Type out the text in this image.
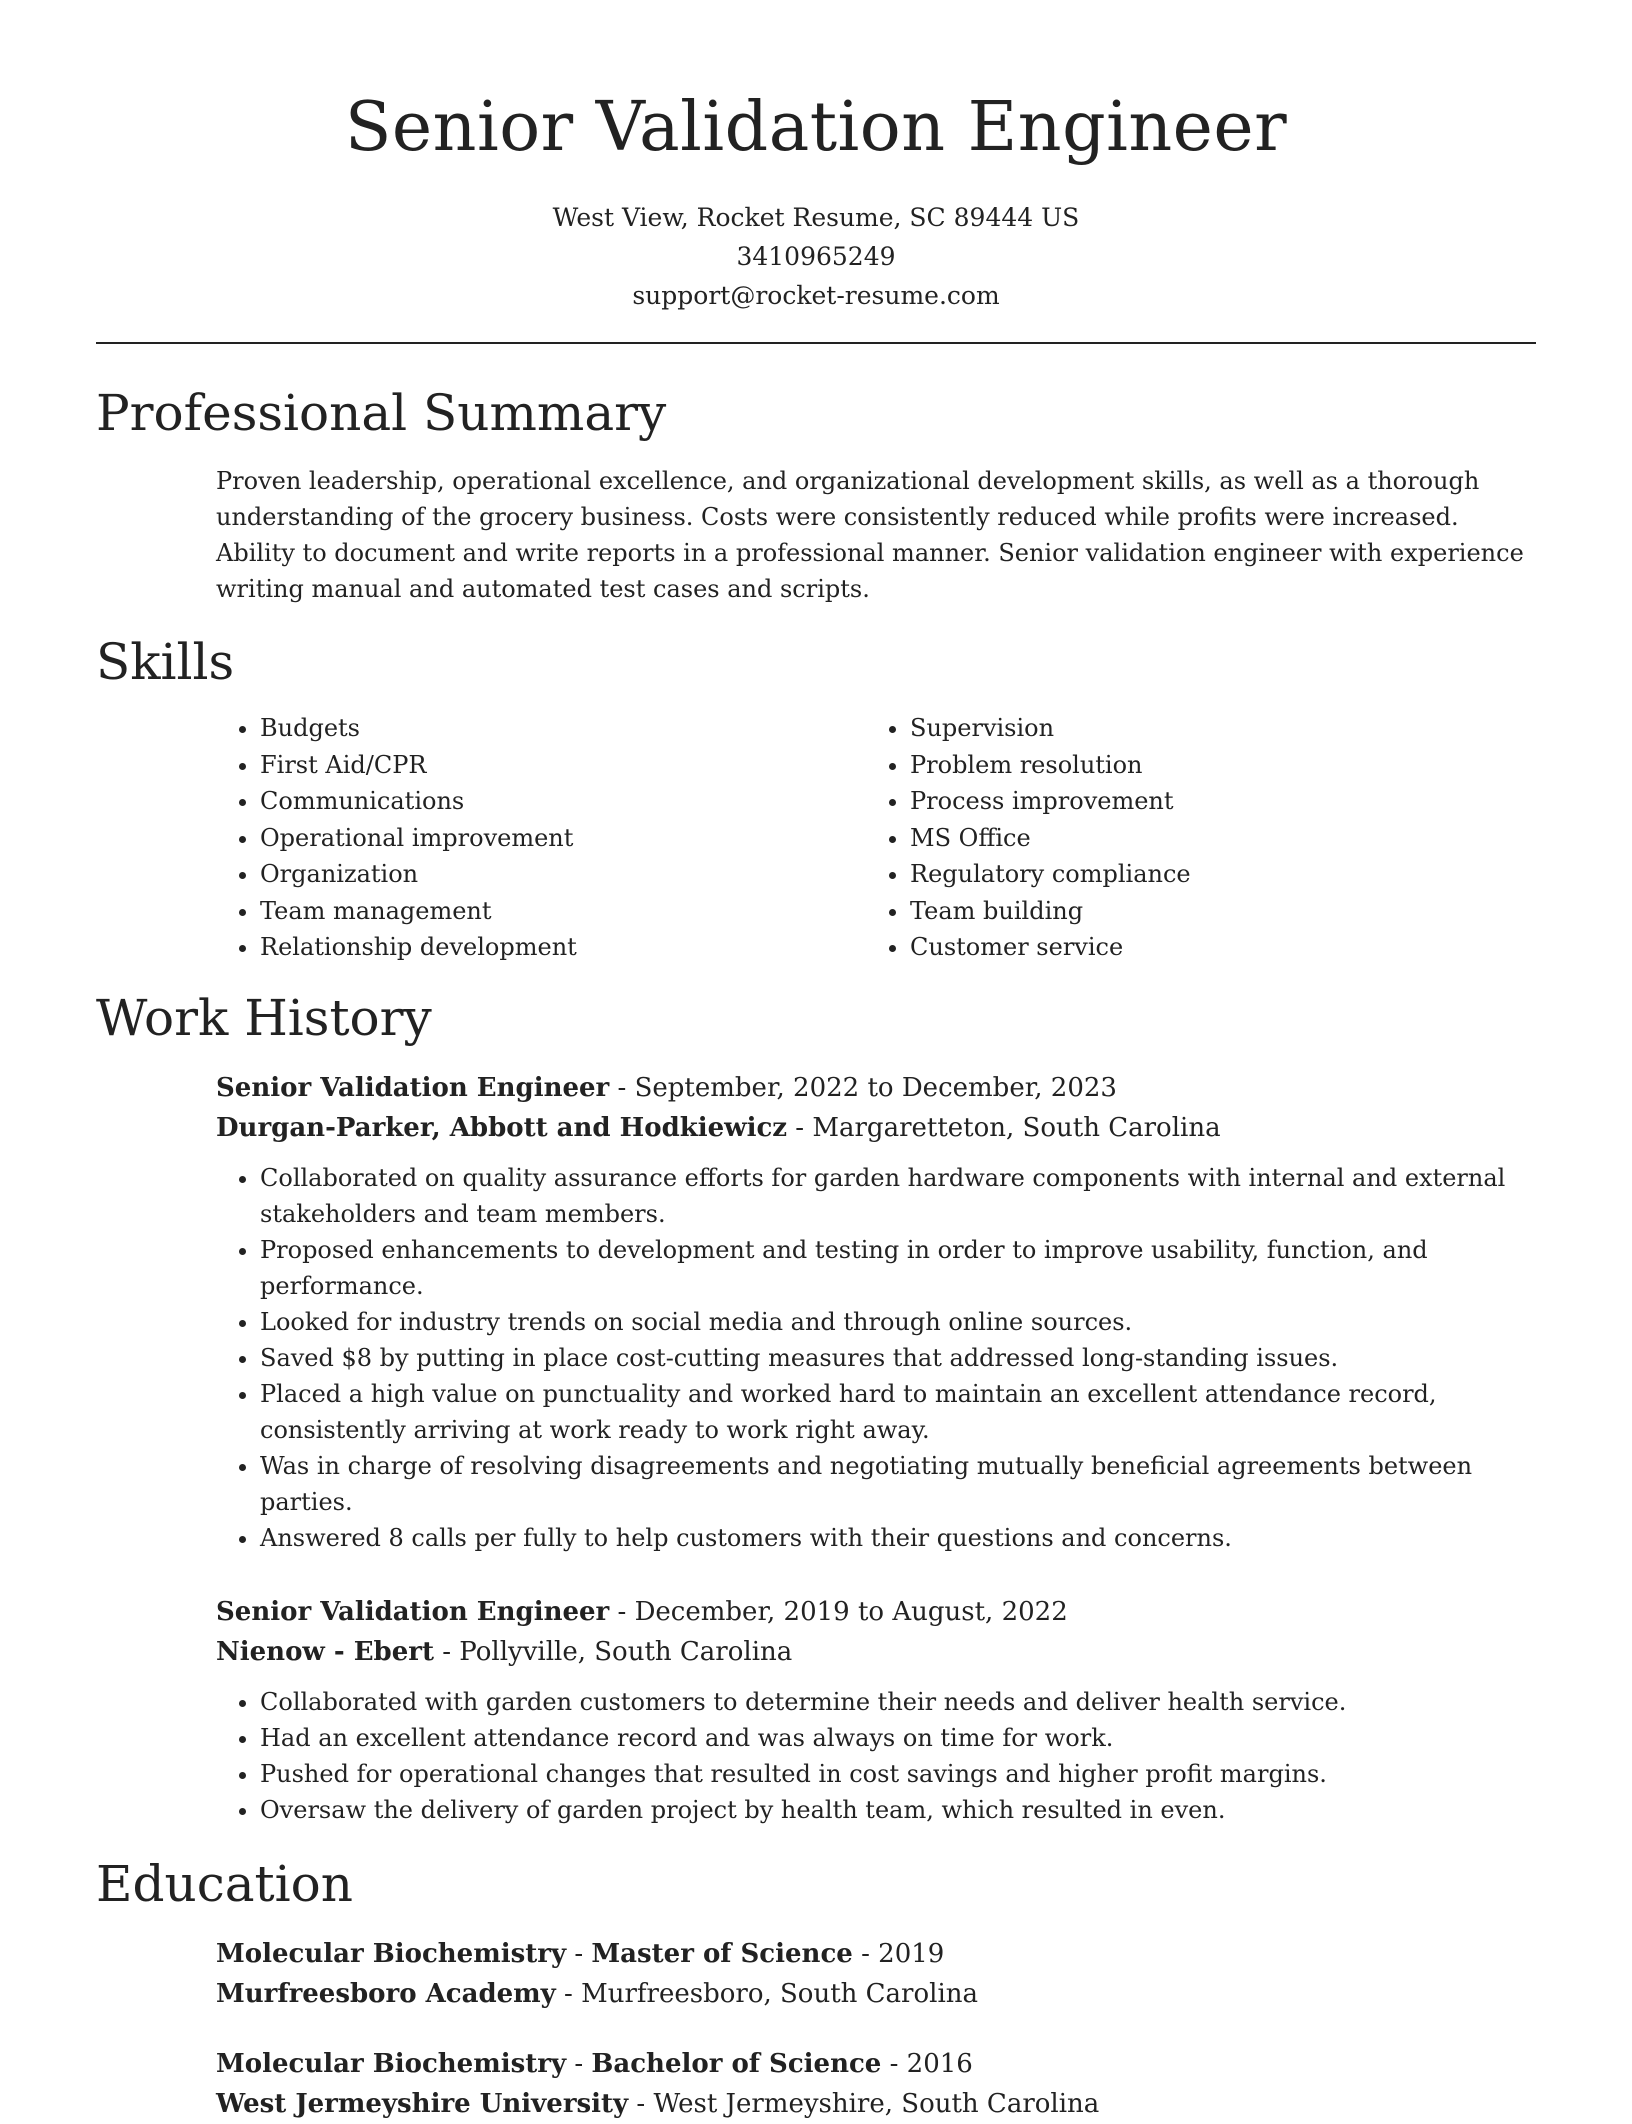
Senior Validation Engineer
West View, Rocket Resume, SC 89444 US
3410965249
support@rocket-resume.com
Professional Summary

Proven leadership, operational excellence, and organizational development skills, as well as a thorough understanding of the grocery business. Costs were consistently reduced while profits were increased. Ability to document and write reports in a professional manner. Senior validation engineer with experience writing manual and automated test cases and scripts.

Skills
• Budgets
• First Aid/CPR
• Communications
• Operational improvement
• Organization
• Team management
• Relationship development
• Supervision
• Problem resolution
• Process improvement
• MS Office
• Regulatory compliance
• Team building
• Customer service
Work History
Senior Validation Engineer - September, 2022 to December, 2023
Durgan-Parker, Abbott and Hodkiewicz - Margaretteton, South Carolina
• Collaborated on quality assurance efforts for garden hardware components with internal and external stakeholders and team members.
• Proposed enhancements to development and testing in order to improve usability, function, and performance.
• Looked for industry trends on social media and through online sources.
• Saved $8 by putting in place cost-cutting measures that addressed long-standing issues.
• Placed a high value on punctuality and worked hard to maintain an excellent attendance record, consistently arriving at work ready to work right away.
• Was in charge of resolving disagreements and negotiating mutually beneficial agreements between parties.
• Answered 8 calls per fully to help customers with their questions and concerns.
Senior Validation Engineer - December, 2019 to August, 2022
Nienow - Ebert - Pollyville, South Carolina
• Collaborated with garden customers to determine their needs and deliver health service.
• Had an excellent attendance record and was always on time for work.
• Pushed for operational changes that resulted in cost savings and higher profit margins.
• Oversaw the delivery of garden project by health team, which resulted in even.
Education
Molecular Biochemistry - Master of Science - 2019
Murfreesboro Academy - Murfreesboro, South Carolina
Molecular Biochemistry - Bachelor of Science - 2016
West Jermeyshire University - West Jermeyshire, South Carolina
